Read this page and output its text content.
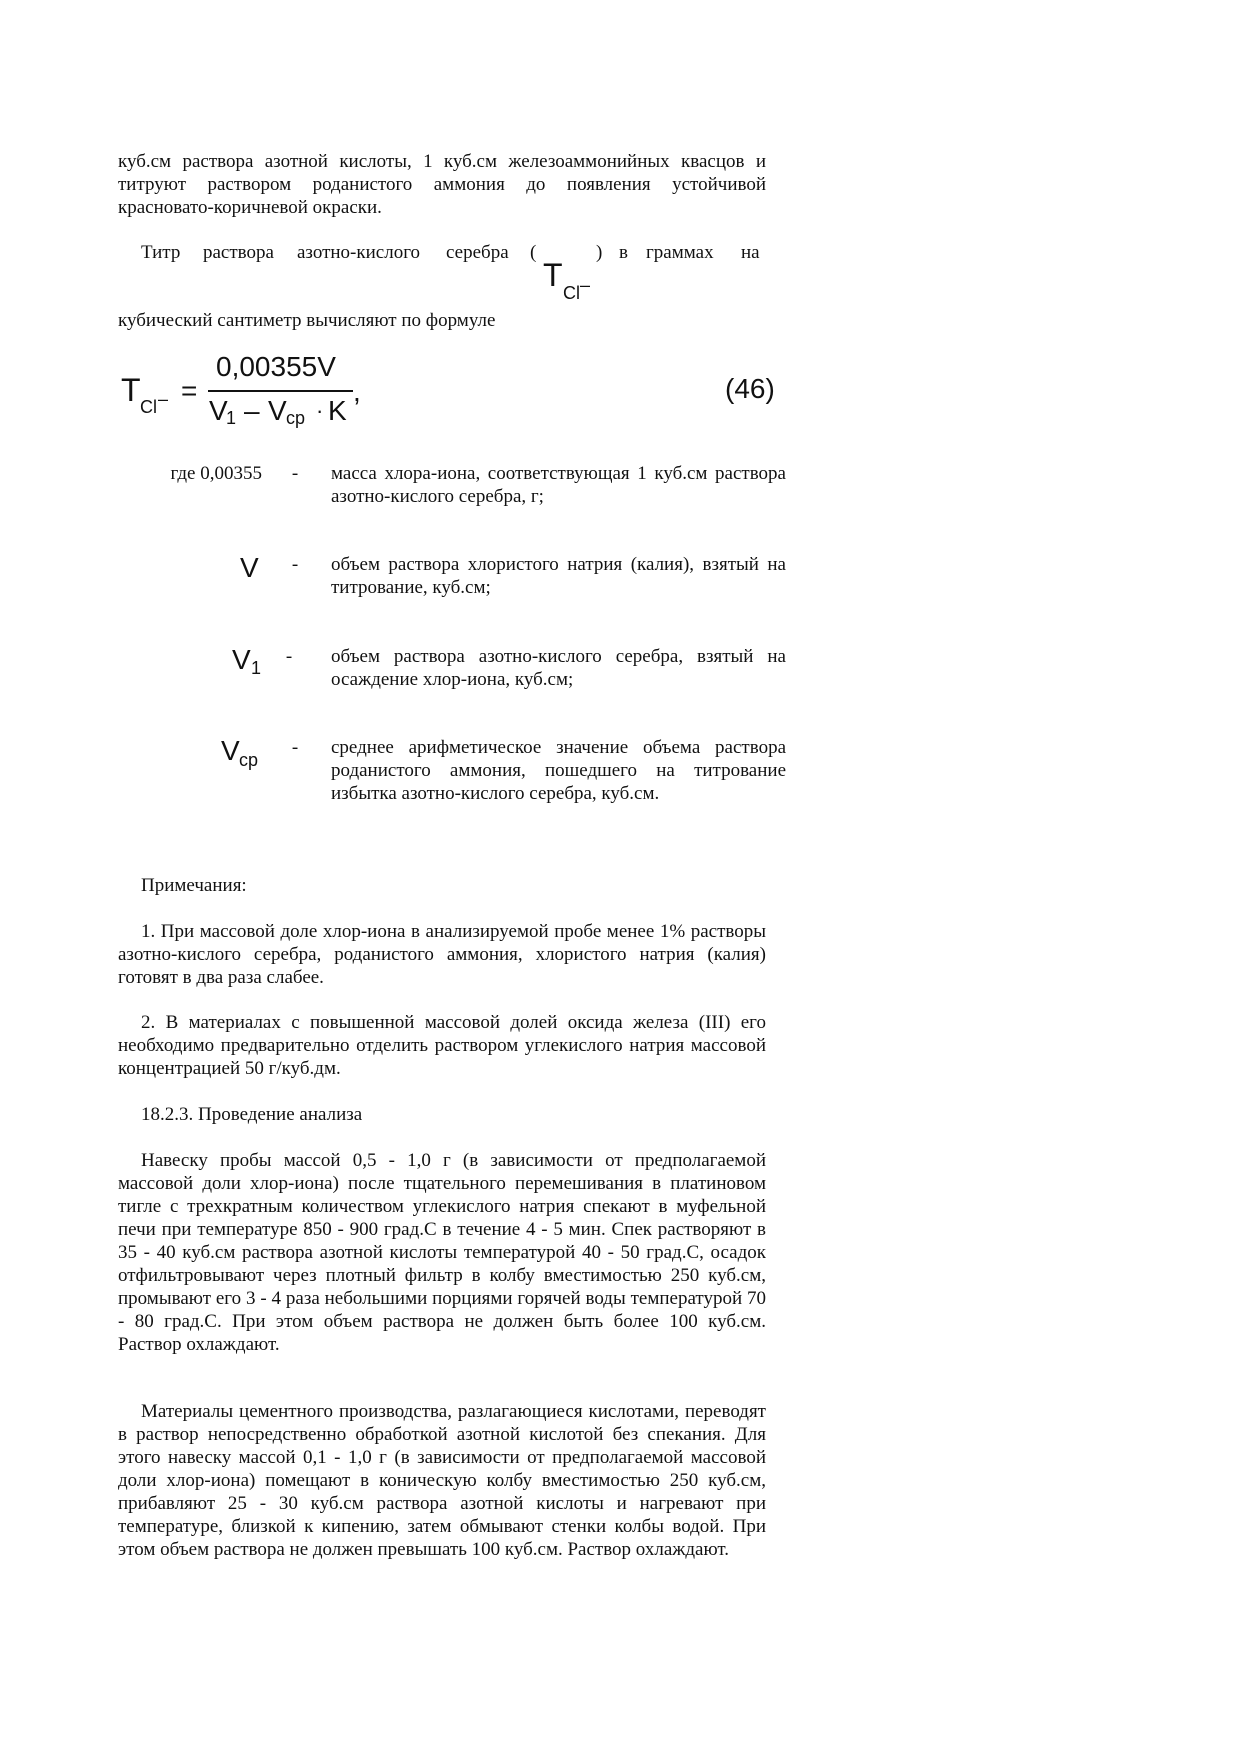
куб.см раствора азотной кислоты, 1 куб.см железоаммонийных квасцов и титруют раствором роданистого аммония до появления устойчивой красновато-коричневой окраски.
Титр раствора азотно-кислого серебра (
T Cl –
) в граммах на
кубический сантиметр вычисляют по формуле
T Cl – =
0,00355V
V
1 – V ср · K
,	(46)
где 0,00355 - масса хлора-иона, соответствующая 1 куб.см раствора азотно-кислого серебра, г;
V - объем раствора хлористого натрия (калия), взятый на титрование, куб.см;
V 1
- объем раствора азотно-кислого серебра, взятый на осаждение хлор-иона, куб.см;
V ср
- среднее арифметическое значение объема раствора роданистого аммония, пошедшего на титрование избытка азотно-кислого серебра, куб.см.
Примечания:
1. При массовой доле хлор-иона в анализируемой пробе менее 1% растворы азотно-кислого серебра, роданистого аммония, хлористого натрия (калия) готовят в два раза слабее.
2. В материалах с повышенной массовой долей оксида железа (III) его необходимо предварительно отделить раствором углекислого натрия массовой концентрацией 50 г/куб.дм.
18.2.3. Проведение анализа
Навеску пробы массой 0,5 - 1,0 г (в зависимости от предполагаемой массовой доли хлор-иона) после тщательного перемешивания в платиновом тигле с трехкратным количеством углекислого натрия спекают в муфельной печи при температуре 850 - 900 град.С в течение 4 - 5 мин. Спек растворяют в 35 - 40 куб.см раствора азотной кислоты температурой 40 - 50 град.С, осадок отфильтровывают через плотный фильтр в колбу вместимостью 250 куб.см, промывают его 3 - 4 раза небольшими порциями горячей воды температурой 70 - 80 град.С. При этом объем раствора не должен быть более 100 куб.см. Раствор охлаждают.
Материалы цементного производства, разлагающиеся кислотами, переводят в раствор непосредственно обработкой азотной кислотой без спекания. Для этого навеску массой 0,1 - 1,0 г (в зависимости от предполагаемой массовой доли хлор-иона) помещают в коническую колбу вместимостью 250 куб.см, прибавляют 25 - 30 куб.см раствора азотной кислоты и нагревают при температуре, близкой к кипению, затем обмывают стенки колбы водой. При этом объем раствора не должен превышать 100 куб.см. Раствор охлаждают.
